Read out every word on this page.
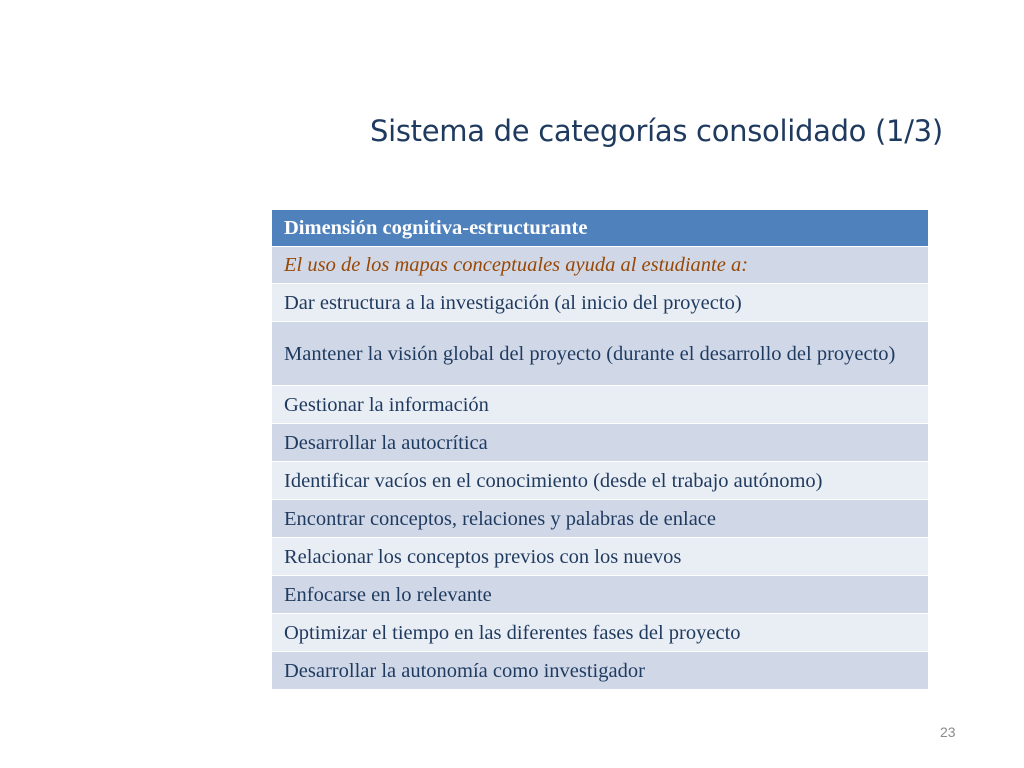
Sistema de categorías consolidado (1/3)
Dimensión cognitiva-estructurante
El uso de los mapas conceptuales ayuda al estudiante a:
Dar estructura a la investigación (al inicio del proyecto)
Mantener la visión global del proyecto (durante el desarrollo del proyecto)
Gestionar la información
Desarrollar la autocrítica
Identificar vacíos en el conocimiento (desde el trabajo autónomo)
Encontrar conceptos, relaciones y palabras de enlace
Relacionar los conceptos previos con los nuevos
Enfocarse en lo relevante
Optimizar el tiempo en las diferentes fases del proyecto
Desarrollar la autonomía como investigador
23
